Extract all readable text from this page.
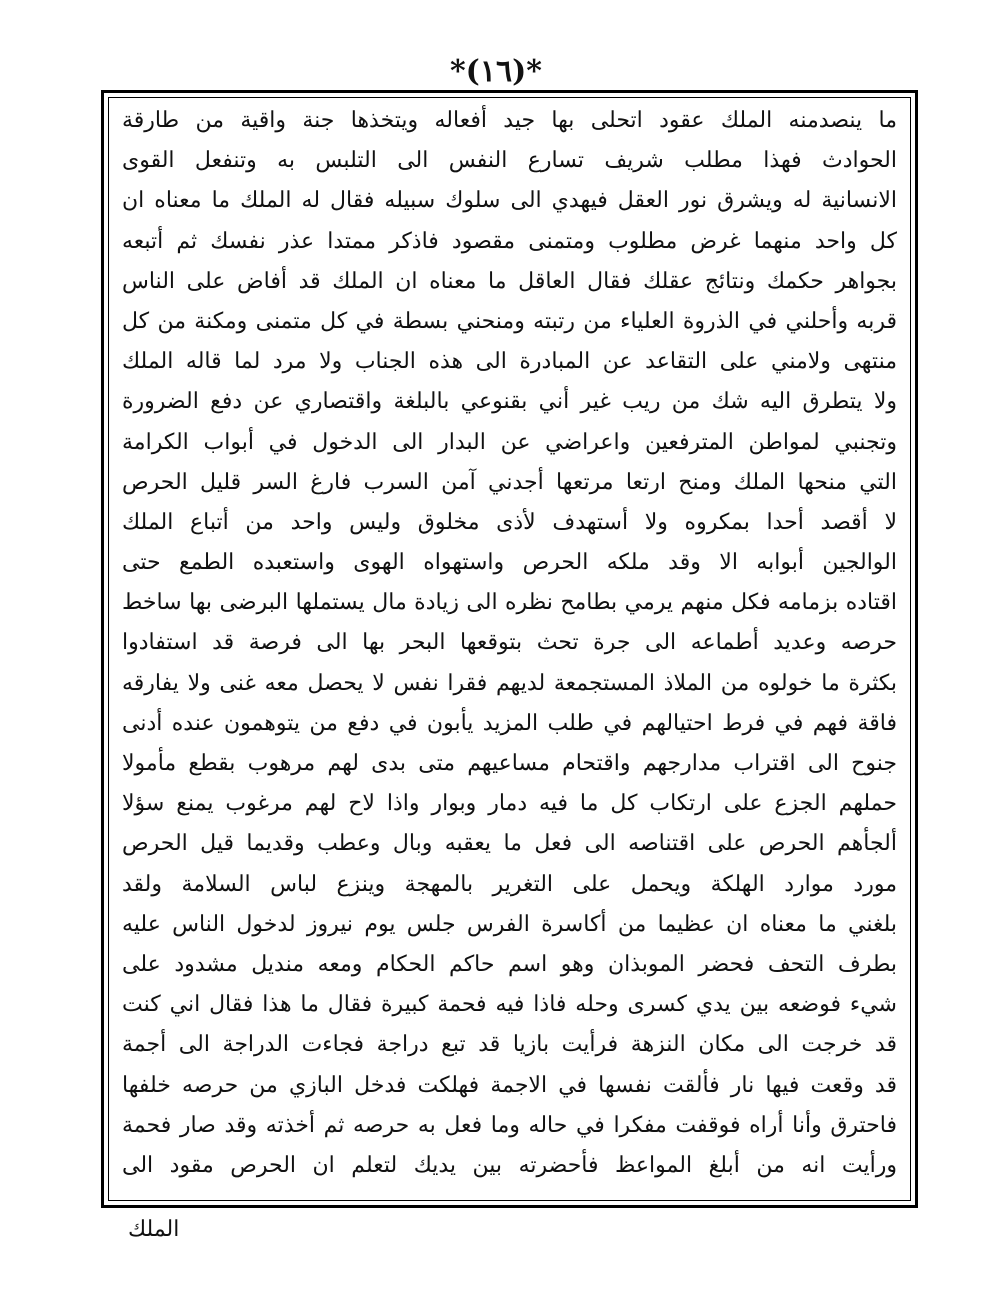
*(١٦)*
ما ينصدمنه الملك عقود اتحلى بها جيد أفعاله ويتخذها جنة واقية من طارقة
الحوادث فهذا مطلب شريف تسارع النفس الى التلبس به وتنفعل القوى
الانسانية له ويشرق نور العقل فيهدي الى سلوك سبيله فقال له الملك ما معناه ان
كل واحد منهما غرض مطلوب ومتمنى مقصود فاذكر ممتدا عذر نفسك ثم أتبعه
بجواهر حكمك ونتائج عقلك فقال العاقل ما معناه ان الملك قد أفاض على الناس
قربه وأحلني في الذروة العلياء من رتبته ومنحني بسطة في كل متمنى ومكنة من كل
منتهى ولامني على التقاعد عن المبادرة الى هذه الجناب ولا مرد لما قاله الملك
ولا يتطرق اليه شك من ريب غير أني بقنوعي بالبلغة واقتصاري عن دفع الضرورة
وتجنبي لمواطن المترفعين واعراضي عن البدار الى الدخول في أبواب الكرامة
التي منحها الملك ومنح ارتعا مرتعها أجدني آمن السرب فارغ السر قليل الحرص
لا أقصد أحدا بمكروه ولا أستهدف لأذى مخلوق وليس واحد من أتباع الملك
الوالجين أبوابه الا وقد ملكه الحرص واستهواه الهوى واستعبده الطمع حتى
اقتاده بزمامه فكل منهم يرمي بطامح نظره الى زيادة مال يستملها البرضى بها ساخط
حرصه وعديد أطماعه الى جرة تحث بتوقعها البحر بها الى فرصة قد استفادوا
بكثرة ما خولوه من الملاذ المستجمعة لديهم فقرا نفس لا يحصل معه غنى ولا يفارقه
فاقة فهم في فرط احتيالهم في طلب المزيد يأبون في دفع من يتوهمون عنده أدنى
جنوح الى اقتراب مدارجهم واقتحام مساعيهم متى بدى لهم مرهوب بقطع مأمولا
حملهم الجزع على ارتكاب كل ما فيه دمار وبوار واذا لاح لهم مرغوب يمنع سؤلا
ألجأهم الحرص على اقتناصه الى فعل ما يعقبه وبال وعطب وقديما قيل الحرص
مورد موارد الهلكة ويحمل على التغرير بالمهجة وينزع لباس السلامة ولقد
بلغني ما معناه ان عظيما من أكاسرة الفرس جلس يوم نيروز لدخول الناس عليه
بطرف التحف فحضر الموبذان وهو اسم حاكم الحكام ومعه منديل مشدود على
شيء فوضعه بين يدي كسرى وحله فاذا فيه فحمة كبيرة فقال ما هذا فقال اني كنت
قد خرجت الى مكان النزهة فرأيت بازيا قد تبع دراجة فجاءت الدراجة الى أجمة
قد وقعت فيها نار فألقت نفسها في الاجمة فهلكت فدخل البازي من حرصه خلفها
فاحترق وأنا أراه فوقفت مفكرا في حاله وما فعل به حرصه ثم أخذته وقد صار فحمة
ورأيت انه من أبلغ المواعظ فأحضرته بين يديك لتعلم ان الحرص مقود الى
الملك
